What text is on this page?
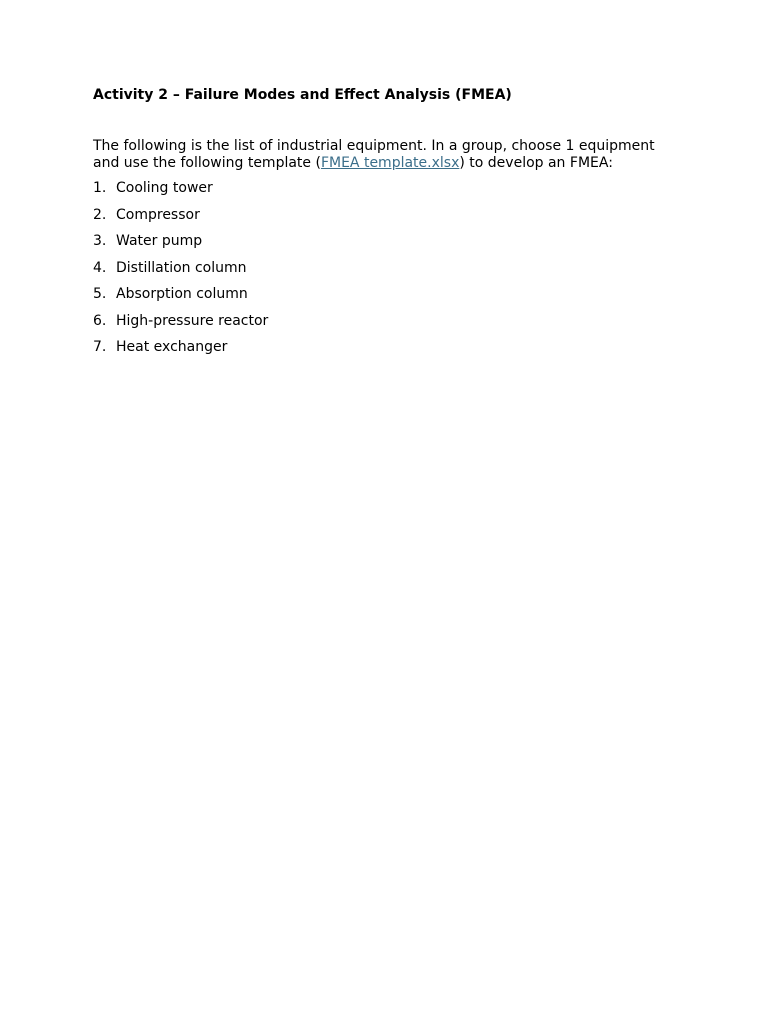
Activity 2 – Failure Modes and Effect Analysis (FMEA)

The following is the list of industrial equipment. In a group, choose 1 equipment and use the following template (FMEA template.xlsx) to develop an FMEA:

1. Cooling tower
2. Compressor
3. Water pump
4. Distillation column
5. Absorption column
6. High-pressure reactor
7. Heat exchanger
